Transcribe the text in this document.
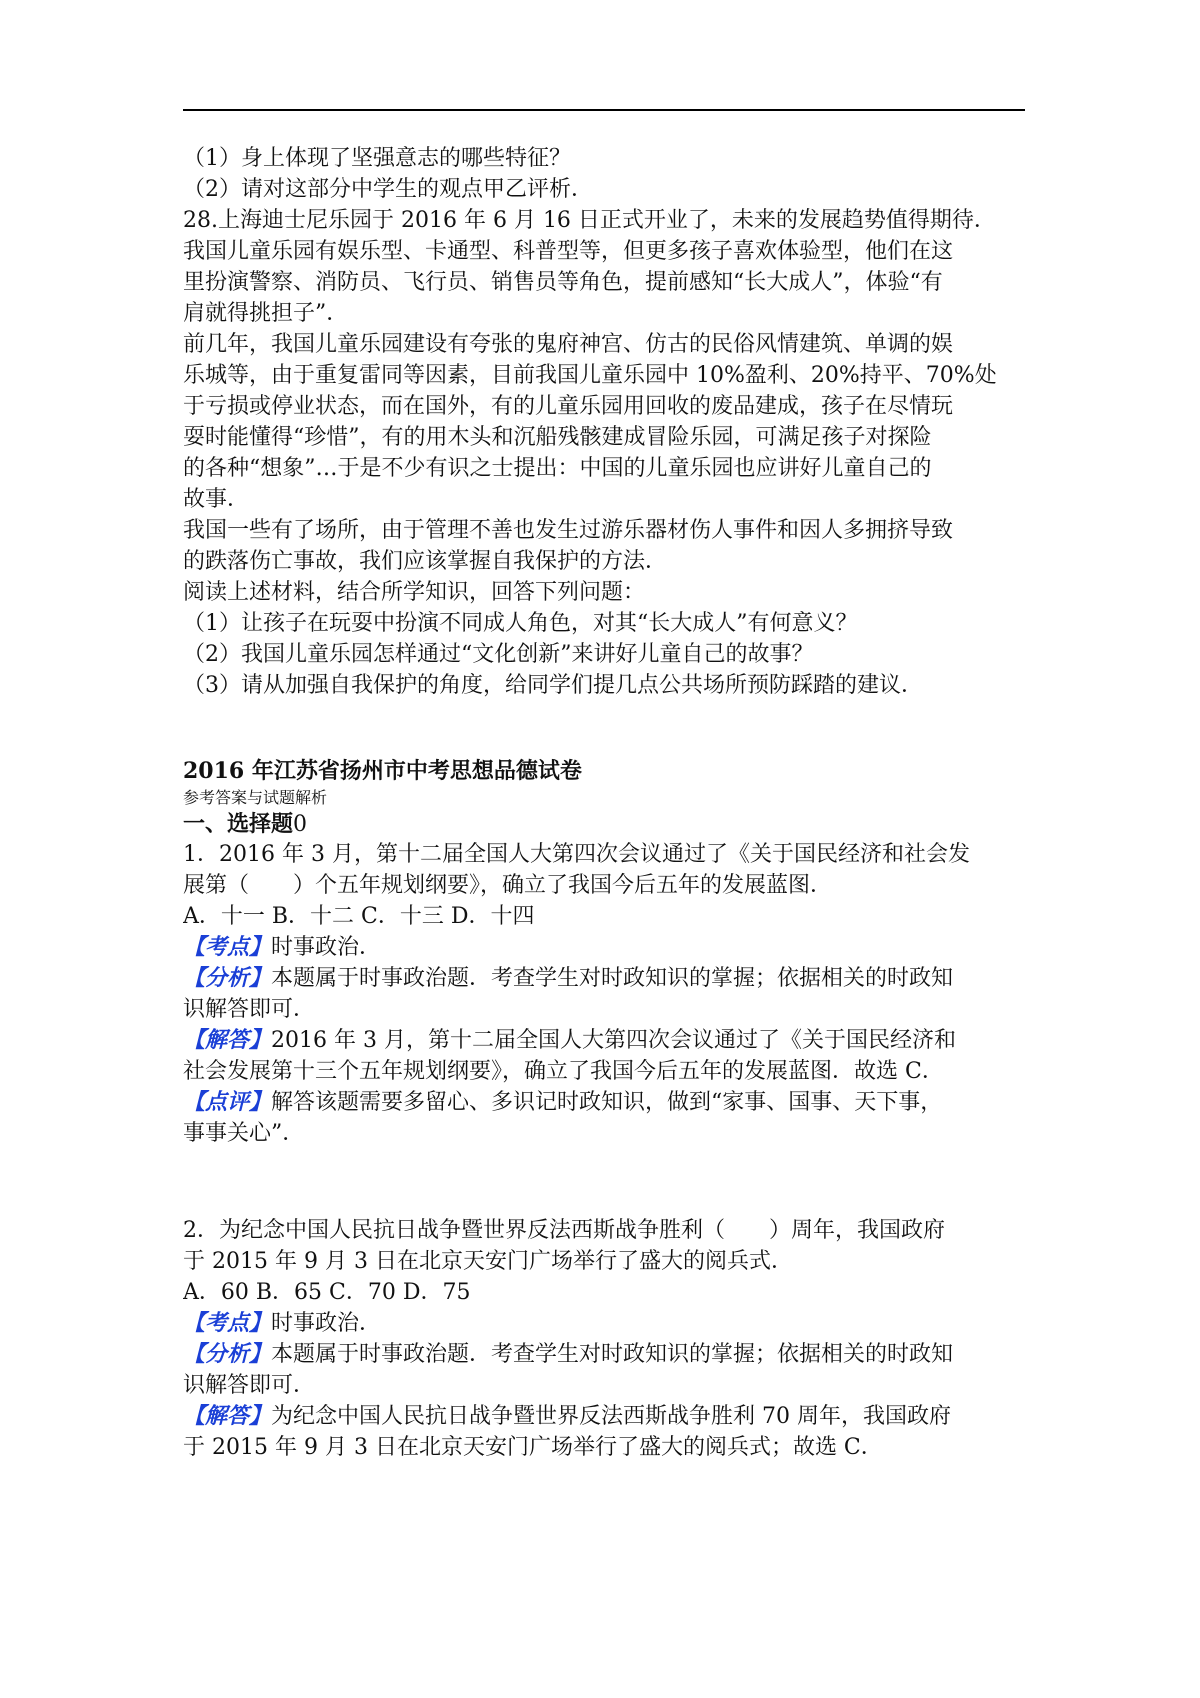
（1）身上体现了坚强意志的哪些特征？
（2）请对这部分中学生的观点甲乙评析．
28.上海迪士尼乐园于 2016 年 6 月 16 日正式开业了，未来的发展趋势值得期待．
我国儿童乐园有娱乐型、卡通型、科普型等，但更多孩子喜欢体验型，他们在这
里扮演警察、消防员、飞行员、销售员等角色，提前感知“长大成人”，体验“有
肩就得挑担子”．
前几年，我国儿童乐园建设有夸张的鬼府神宫、仿古的民俗风情建筑、单调的娱
乐城等，由于重复雷同等因素，目前我国儿童乐园中 10%盈利、20%持平、70%处
于亏损或停业状态，而在国外，有的儿童乐园用回收的废品建成，孩子在尽情玩
耍时能懂得“珍惜”，有的用木头和沉船残骸建成冒险乐园，可满足孩子对探险
的各种“想象”…于是不少有识之士提出：中国的儿童乐园也应讲好儿童自己的
故事．
我国一些有了场所，由于管理不善也发生过游乐器材伤人事件和因人多拥挤导致
的跌落伤亡事故，我们应该掌握自我保护的方法．
阅读上述材料，结合所学知识，回答下列问题：
（1）让孩子在玩耍中扮演不同成人角色，对其“长大成人”有何意义？
（2）我国儿童乐园怎样通过“文化创新”来讲好儿童自己的故事？
（3）请从加强自我保护的角度，给同学们提几点公共场所预防踩踏的建议．
2016 年江苏省扬州市中考思想品德试卷
参考答案与试题解析
一、选择题0
1．2016 年 3 月，第十二届全国人大第四次会议通过了《关于国民经济和社会发
展第（　　）个五年规划纲要》，确立了我国今后五年的发展蓝图．
A．十一 B．十二 C．十三 D．十四
【考点】时事政治．
【分析】本题属于时事政治题．考查学生对时政知识的掌握；依据相关的时政知
识解答即可．
【解答】2016 年 3 月，第十二届全国人大第四次会议通过了《关于国民经济和
社会发展第十三个五年规划纲要》，确立了我国今后五年的发展蓝图．故选 C．
【点评】解答该题需要多留心、多识记时政知识，做到“家事、国事、天下事，
事事关心”．
2．为纪念中国人民抗日战争暨世界反法西斯战争胜利（　　）周年，我国政府
于 2015 年 9 月 3 日在北京天安门广场举行了盛大的阅兵式．
A．60 B．65 C．70 D．75
【考点】时事政治．
【分析】本题属于时事政治题．考查学生对时政知识的掌握；依据相关的时政知
识解答即可．
【解答】为纪念中国人民抗日战争暨世界反法西斯战争胜利 70 周年，我国政府
于 2015 年 9 月 3 日在北京天安门广场举行了盛大的阅兵式；故选 C．
